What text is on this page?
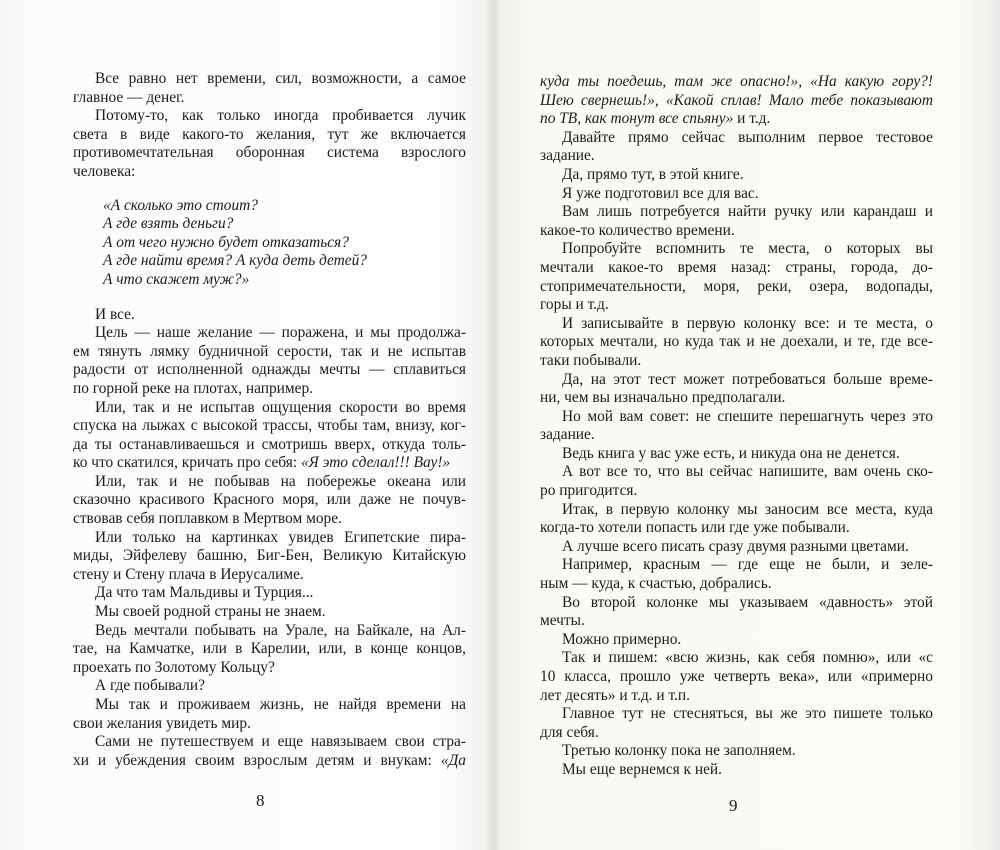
Все равно нет времени, сил, возможности, а самое
главное — денег.
Потому-то, как только иногда пробивается лучик
света в виде какого-то желания, тут же включается
противомечтательная оборонная система взрослого
человека:
«А сколько это стоит?
А где взять деньги?
А от чего нужно будет отказаться?
А где найти время? А куда деть детей?
А что скажет муж?»
И все.
Цель — наше желание — поражена, и мы продолжа-
ем тянуть лямку будничной серости, так и не испытав
радости от исполненной однажды мечты — сплавиться
по горной реке на плотах, например.
Или, так и не испытав ощущения скорости во время
спуска на лыжах с высокой трассы, чтобы там, внизу, ког-
да ты останавливаешься и смотришь вверх, откуда толь-
ко что скатился, кричать про себя: «Я это сделал!!! Вау!»
Или, так и не побывав на побережье океана или
сказочно красивого Красного моря, или даже не почув-
ствовав себя поплавком в Мертвом море.
Или только на картинках увидев Египетские пира-
миды, Эйфелеву башню, Биг-Бен, Великую Китайскую
стену и Стену плача в Иерусалиме.
Да что там Мальдивы и Турция...
Мы своей родной страны не знаем.
Ведь мечтали побывать на Урале, на Байкале, на Ал-
тае, на Камчатке, или в Карелии, или, в конце концов,
проехать по Золотому Кольцу?
А где побывали?
Мы так и проживаем жизнь, не найдя времени на
свои желания увидеть мир.
Сами не путешествуем и еще навязываем свои стра-
хи и убеждения своим взрослым детям и внукам: «Да
куда ты поедешь, там же опасно!», «На какую гору?!
Шею свернешь!», «Какой сплав! Мало тебе показывают
по ТВ, как тонут все спьяну» и т.д.
Давайте прямо сейчас выполним первое тестовое
задание.
Да, прямо тут, в этой книге.
Я уже подготовил все для вас.
Вам лишь потребуется найти ручку или карандаш и
какое-то количество времени.
Попробуйте вспомнить те места, о которых вы
мечтали какое-то время назад: страны, города, до-
стопримечательности, моря, реки, озера, водопады,
горы и т.д.
И записывайте в первую колонку все: и те места, о
которых мечтали, но куда так и не доехали, и те, где все-
таки побывали.
Да, на этот тест может потребоваться больше време-
ни, чем вы изначально предполагали.
Но мой вам совет: не спешите перешагнуть через это
задание.
Ведь книга у вас уже есть, и никуда она не денется.
А вот все то, что вы сейчас напишите, вам очень ско-
ро пригодится.
Итак, в первую колонку мы заносим все места, куда
когда-то хотели попасть или где уже побывали.
А лучше всего писать сразу двумя разными цветами.
Например, красным — где еще не были, и зеле-
ным — куда, к счастью, добрались.
Во второй колонке мы указываем «давность» этой
мечты.
Можно примерно.
Так и пишем: «всю жизнь, как себя помню», или «с
10 класса, прошло уже четверть века», или «примерно
лет десять» и т.д. и т.п.
Главное тут не стесняться, вы же это пишете только
для себя.
Третью колонку пока не заполняем.
Мы еще вернемся к ней.
8	9
